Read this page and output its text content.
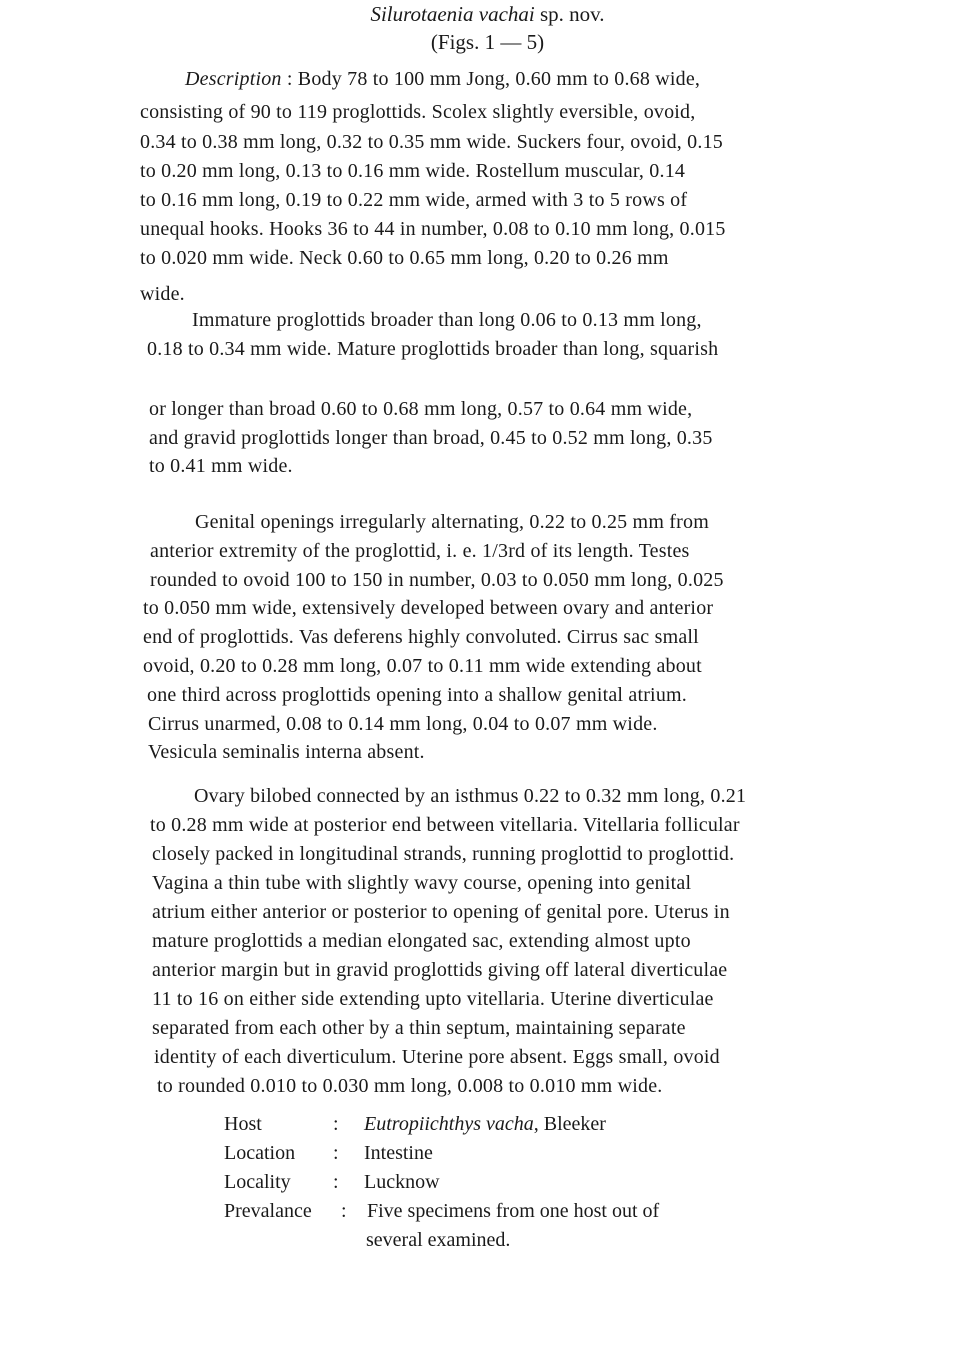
Silurotaenia vachai sp. nov.
(Figs. 1 — 5)
Description : Body 78 to 100 mm Jong, 0.60 mm to 0.68 wide,
consisting of 90 to 119 proglottids. Scolex slightly eversible, ovoid,
0.34 to 0.38 mm long, 0.32 to 0.35 mm wide. Suckers four, ovoid, 0.15
to 0.20 mm long, 0.13 to 0.16 mm wide. Rostellum muscular, 0.14
to 0.16 mm long, 0.19 to 0.22 mm wide, armed with 3 to 5 rows of
unequal hooks. Hooks 36 to 44 in number, 0.08 to 0.10 mm long, 0.015
to 0.020 mm wide. Neck 0.60 to 0.65 mm long, 0.20 to 0.26 mm
wide.
Immature proglottids broader than long 0.06 to 0.13 mm long,
0.18 to 0.34 mm wide. Mature proglottids broader than long, squarish
or longer than broad 0.60 to 0.68 mm long, 0.57 to 0.64 mm wide,
and gravid proglottids longer than broad, 0.45 to 0.52 mm long, 0.35
to 0.41 mm wide.
Genital openings irregularly alternating, 0.22 to 0.25 mm from
anterior extremity of the proglottid, i. e. 1/3rd of its length. Testes
rounded to ovoid 100 to 150 in number, 0.03 to 0.050 mm long, 0.025
to 0.050 mm wide, extensively developed between ovary and anterior
end of proglottids. Vas deferens highly convoluted. Cirrus sac small
ovoid, 0.20 to 0.28 mm long, 0.07 to 0.11 mm wide extending about
one third across proglottids opening into a shallow genital atrium.
Cirrus unarmed, 0.08 to 0.14 mm long, 0.04 to 0.07 mm wide.
Vesicula seminalis interna absent.
Ovary bilobed connected by an isthmus 0.22 to 0.32 mm long, 0.21
to 0.28 mm wide at posterior end between vitellaria. Vitellaria follicular
closely packed in longitudinal strands, running proglottid to proglottid.
Vagina a thin tube with slightly wavy course, opening into genital
atrium either anterior or posterior to opening of genital pore. Uterus in
mature proglottids a median elongated sac, extending almost upto
anterior margin but in gravid proglottids giving off lateral diverticulae
11 to 16 on either side extending upto vitellaria. Uterine diverticulae
separated from each other by a thin septum, maintaining separate
identity of each diverticulum. Uterine pore absent. Eggs small, ovoid
to rounded 0.010 to 0.030 mm long, 0.008 to 0.010 mm wide.
Host	: Eutropiichthys vacha, Bleeker
Location : Intestine
Locality : Lucknow
Prevalance : Five specimens from one host out of
several examined.
